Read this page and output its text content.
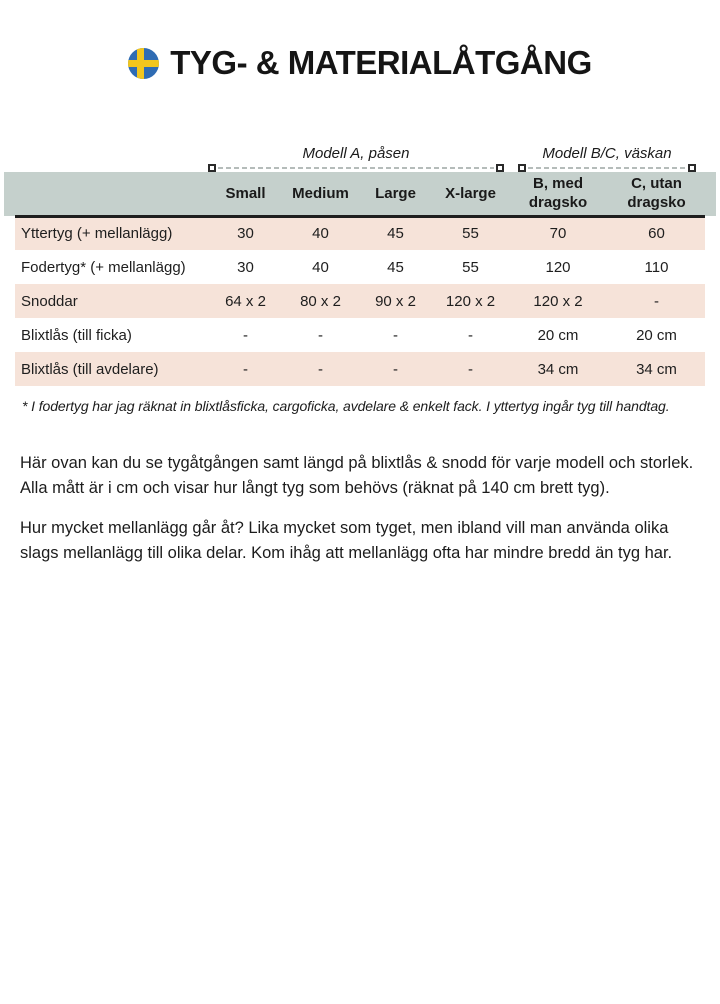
TYG- & MATERIALÅTGÅNG
Modell A, påsen	Modell B/C, väskan
	Small	Medium	Large	X-large	B, med dragsko	C, utan dragsko
Yttertyg (+ mellanlägg)	30	40	45	55	70	60
Fodertyg* (+ mellanlägg)	30	40	45	55	120	110
Snoddar	64 x 2	80 x 2	90 x 2	120 x 2	120 x 2	-
Blixtlås (till ficka)	-	-	-	-	20 cm	20 cm
Blixtlås (till avdelare)	-	-	-	-	34 cm	34 cm
* I fodertyg har jag räknat in blixtlåsficka, cargoficka, avdelare & enkelt fack. I yttertyg ingår tyg till handtag.

Här ovan kan du se tygåtgången samt längd på blixtlås & snodd för varje modell och storlek. Alla mått är i cm och visar hur långt tyg som behövs (räknat på 140 cm brett tyg).

Hur mycket mellanlägg går åt? Lika mycket som tyget, men ibland vill man använda olika slags mellanlägg till olika delar. Kom ihåg att mellanlägg ofta har mindre bredd än tyg har.
